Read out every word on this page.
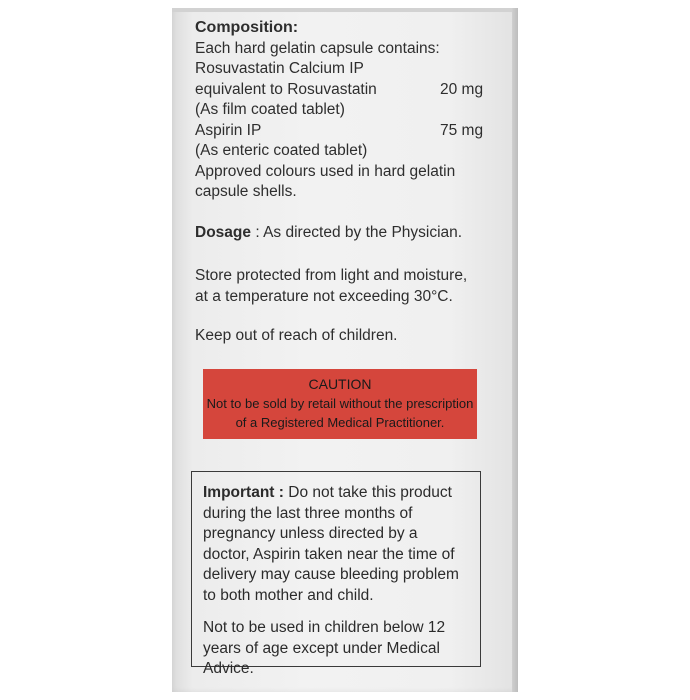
Composition:
Each hard gelatin capsule contains:
Rosuvastatin Calcium IP
equivalent to Rosuvastatin	20 mg
(As film coated tablet)
Aspirin IP	75 mg
(As enteric coated tablet)
Approved colours used in hard gelatin
capsule shells.
Dosage : As directed by the Physician.
Store protected from light and moisture,
at a temperature not exceeding 30°C.
Keep out of reach of children.
CAUTION
Not to be sold by retail without the prescription
of a Registered Medical Practitioner.
Important : Do not take this product
during the last three months of
pregnancy unless directed by a
doctor, Aspirin taken near the time of
delivery may cause bleeding problem
to both mother and child.
Not to be used in children below 12
years of age except under Medical
Advice.
